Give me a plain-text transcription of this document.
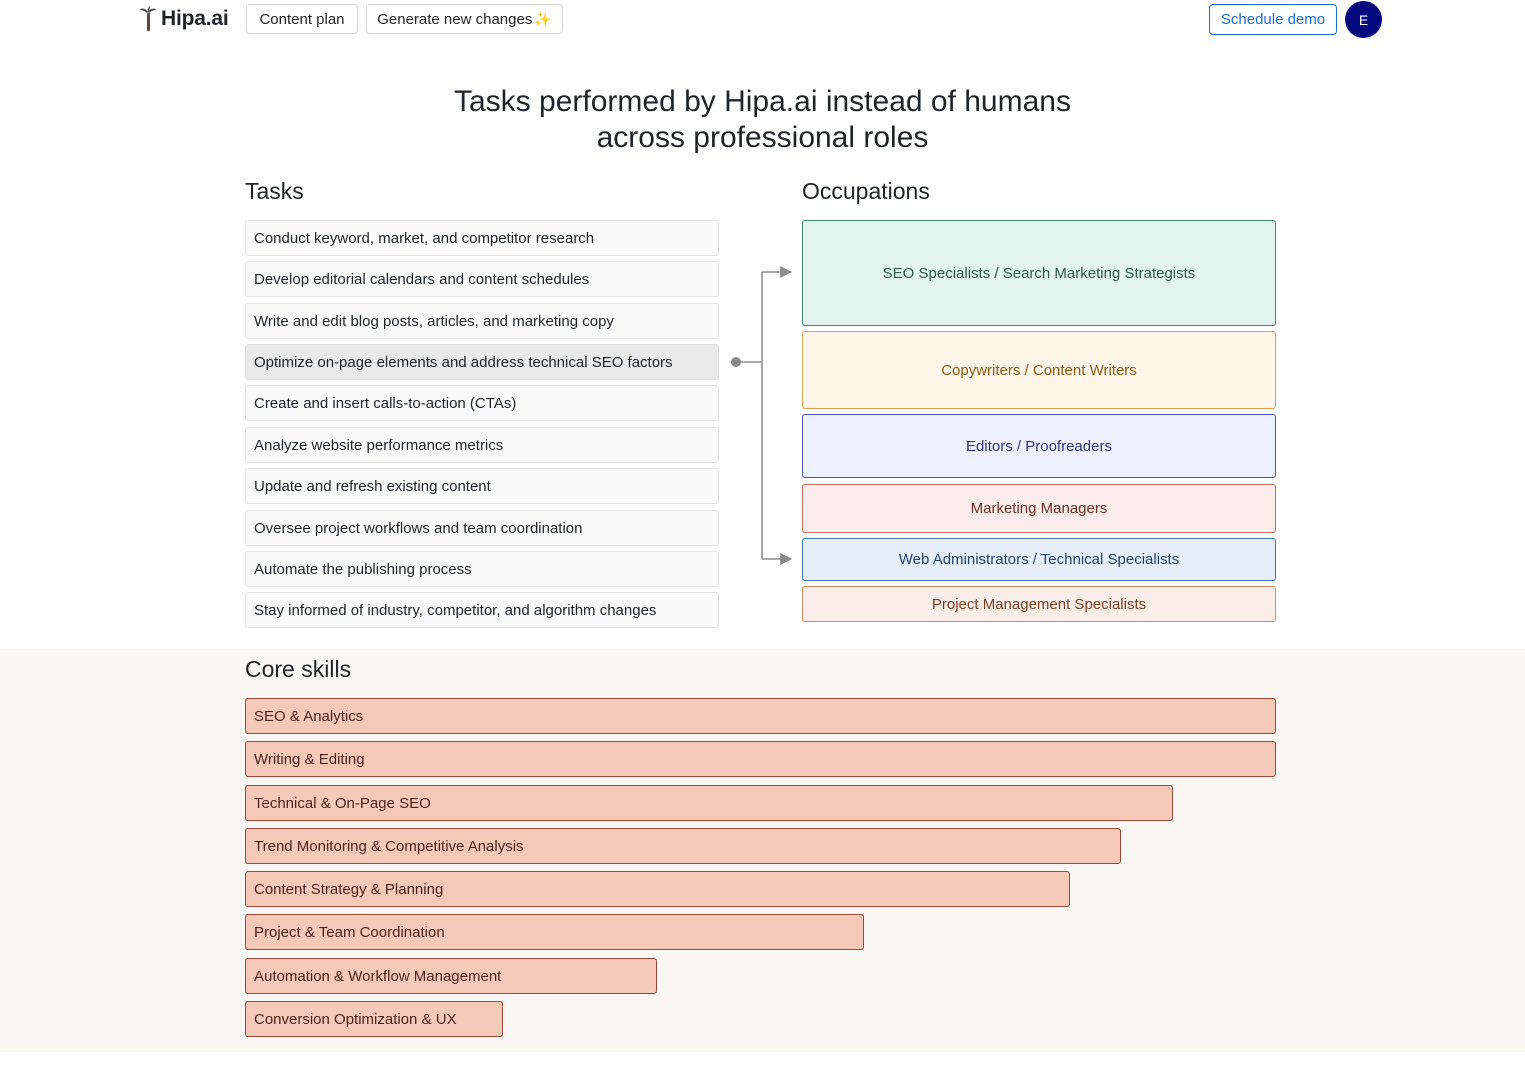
Hipa.ai Content plan Generate new changes ✨	Schedule demo E
Tasks performed by Hipa.ai instead of humans
across professional roles
Tasks	Occupations
Conduct keyword, market, and competitor research
Develop editorial calendars and content schedules
Write and edit blog posts, articles, and marketing copy
Optimize on-page elements and address technical SEO factors
Create and insert calls-to-action (CTAs)
Analyze website performance metrics
Update and refresh existing content
Oversee project workflows and team coordination
Automate the publishing process
Stay informed of industry, competitor, and algorithm changes
SEO Specialists / Search Marketing Strategists
Copywriters / Content Writers
Editors / Proofreaders
Marketing Managers
Web Administrators / Technical Specialists
Project Management Specialists
Core skills
SEO & Analytics
Writing & Editing
Technical & On-Page SEO
Trend Monitoring & Competitive Analysis
Content Strategy & Planning
Project & Team Coordination
Automation & Workflow Management
Conversion Optimization & UX
